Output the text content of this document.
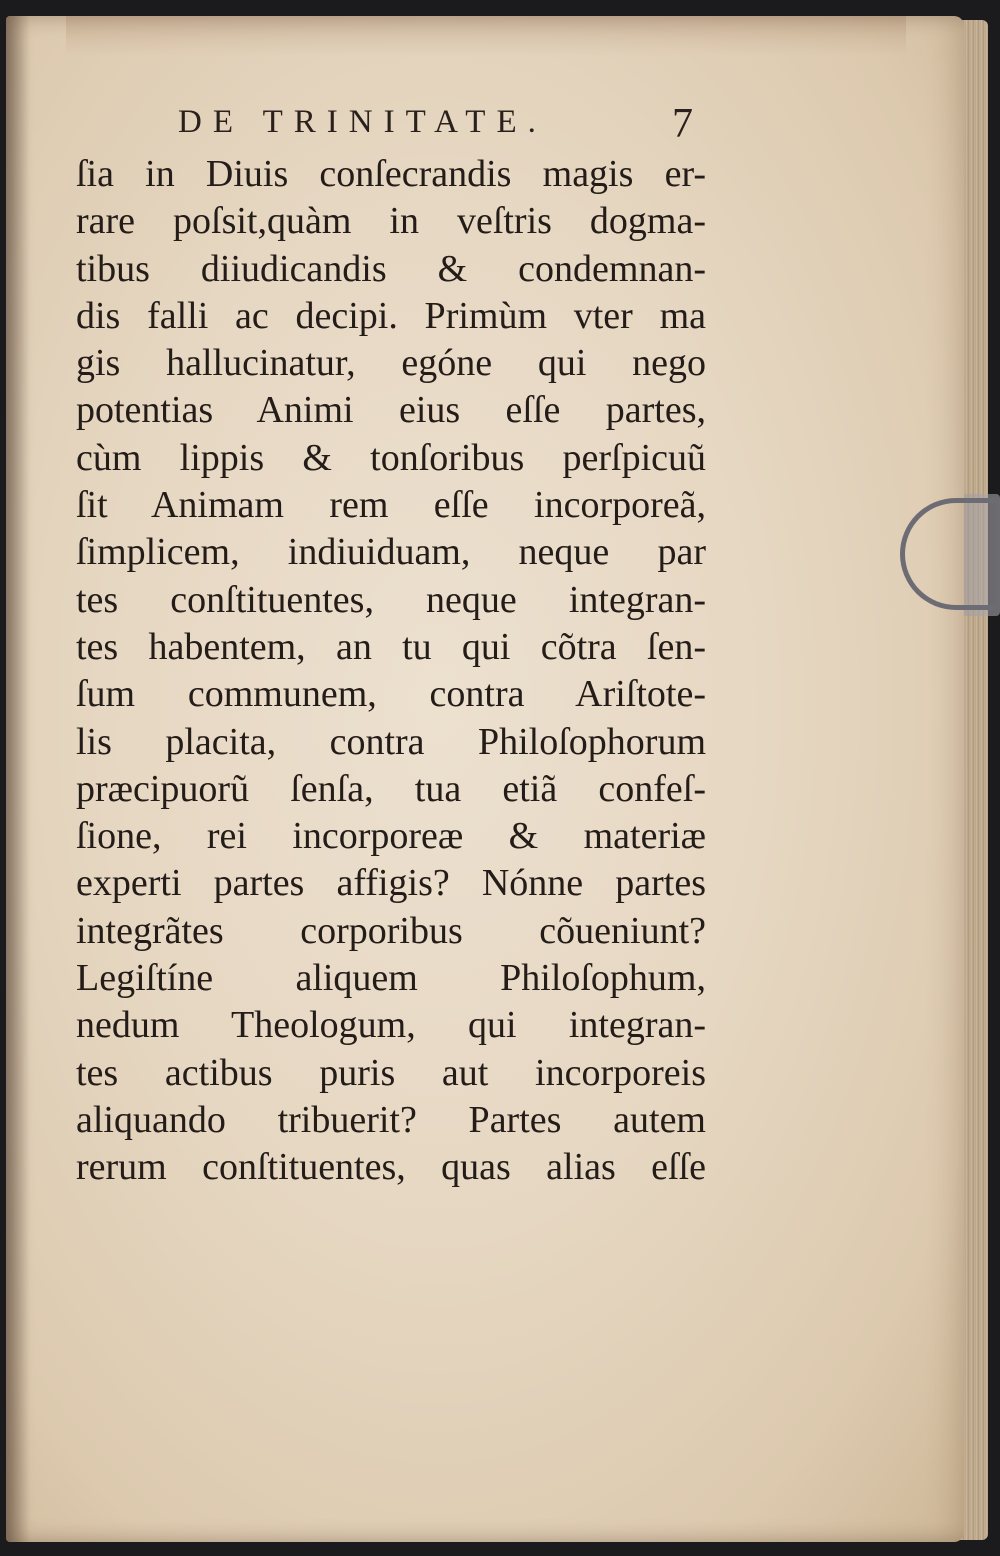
DE TRINITATE.	7
ſia in Diuis conſecrandis magis er-
rare poſsit,quàm in veſtris dogma-
tibus diiudicandis & condemnan-
dis falli ac decipi. Primùm vter ma
gis hallucinatur, egóne qui nego
potentias Animi eius eſſe partes,
cùm lippis & tonſoribus perſpicuũ
ſit Animam rem eſſe incorporeã,
ſimplicem, indiuiduam, neque par
tes conſtituentes, neque integran-
tes habentem, an tu qui cõtra ſen-
ſum communem, contra Ariſtote-
lis placita, contra Philoſophorum
præcipuorũ ſenſa, tua etiã confeſ-
ſione, rei incorporeæ & materiæ
experti partes affigis? Nónne partes
integrãtes corporibus cõueniunt?
Legiſtíne aliquem Philoſophum,
nedum Theologum, qui integran-
tes actibus puris aut incorporeis
aliquando tribuerit? Partes autem
rerum conſtituentes, quas alias eſſe
